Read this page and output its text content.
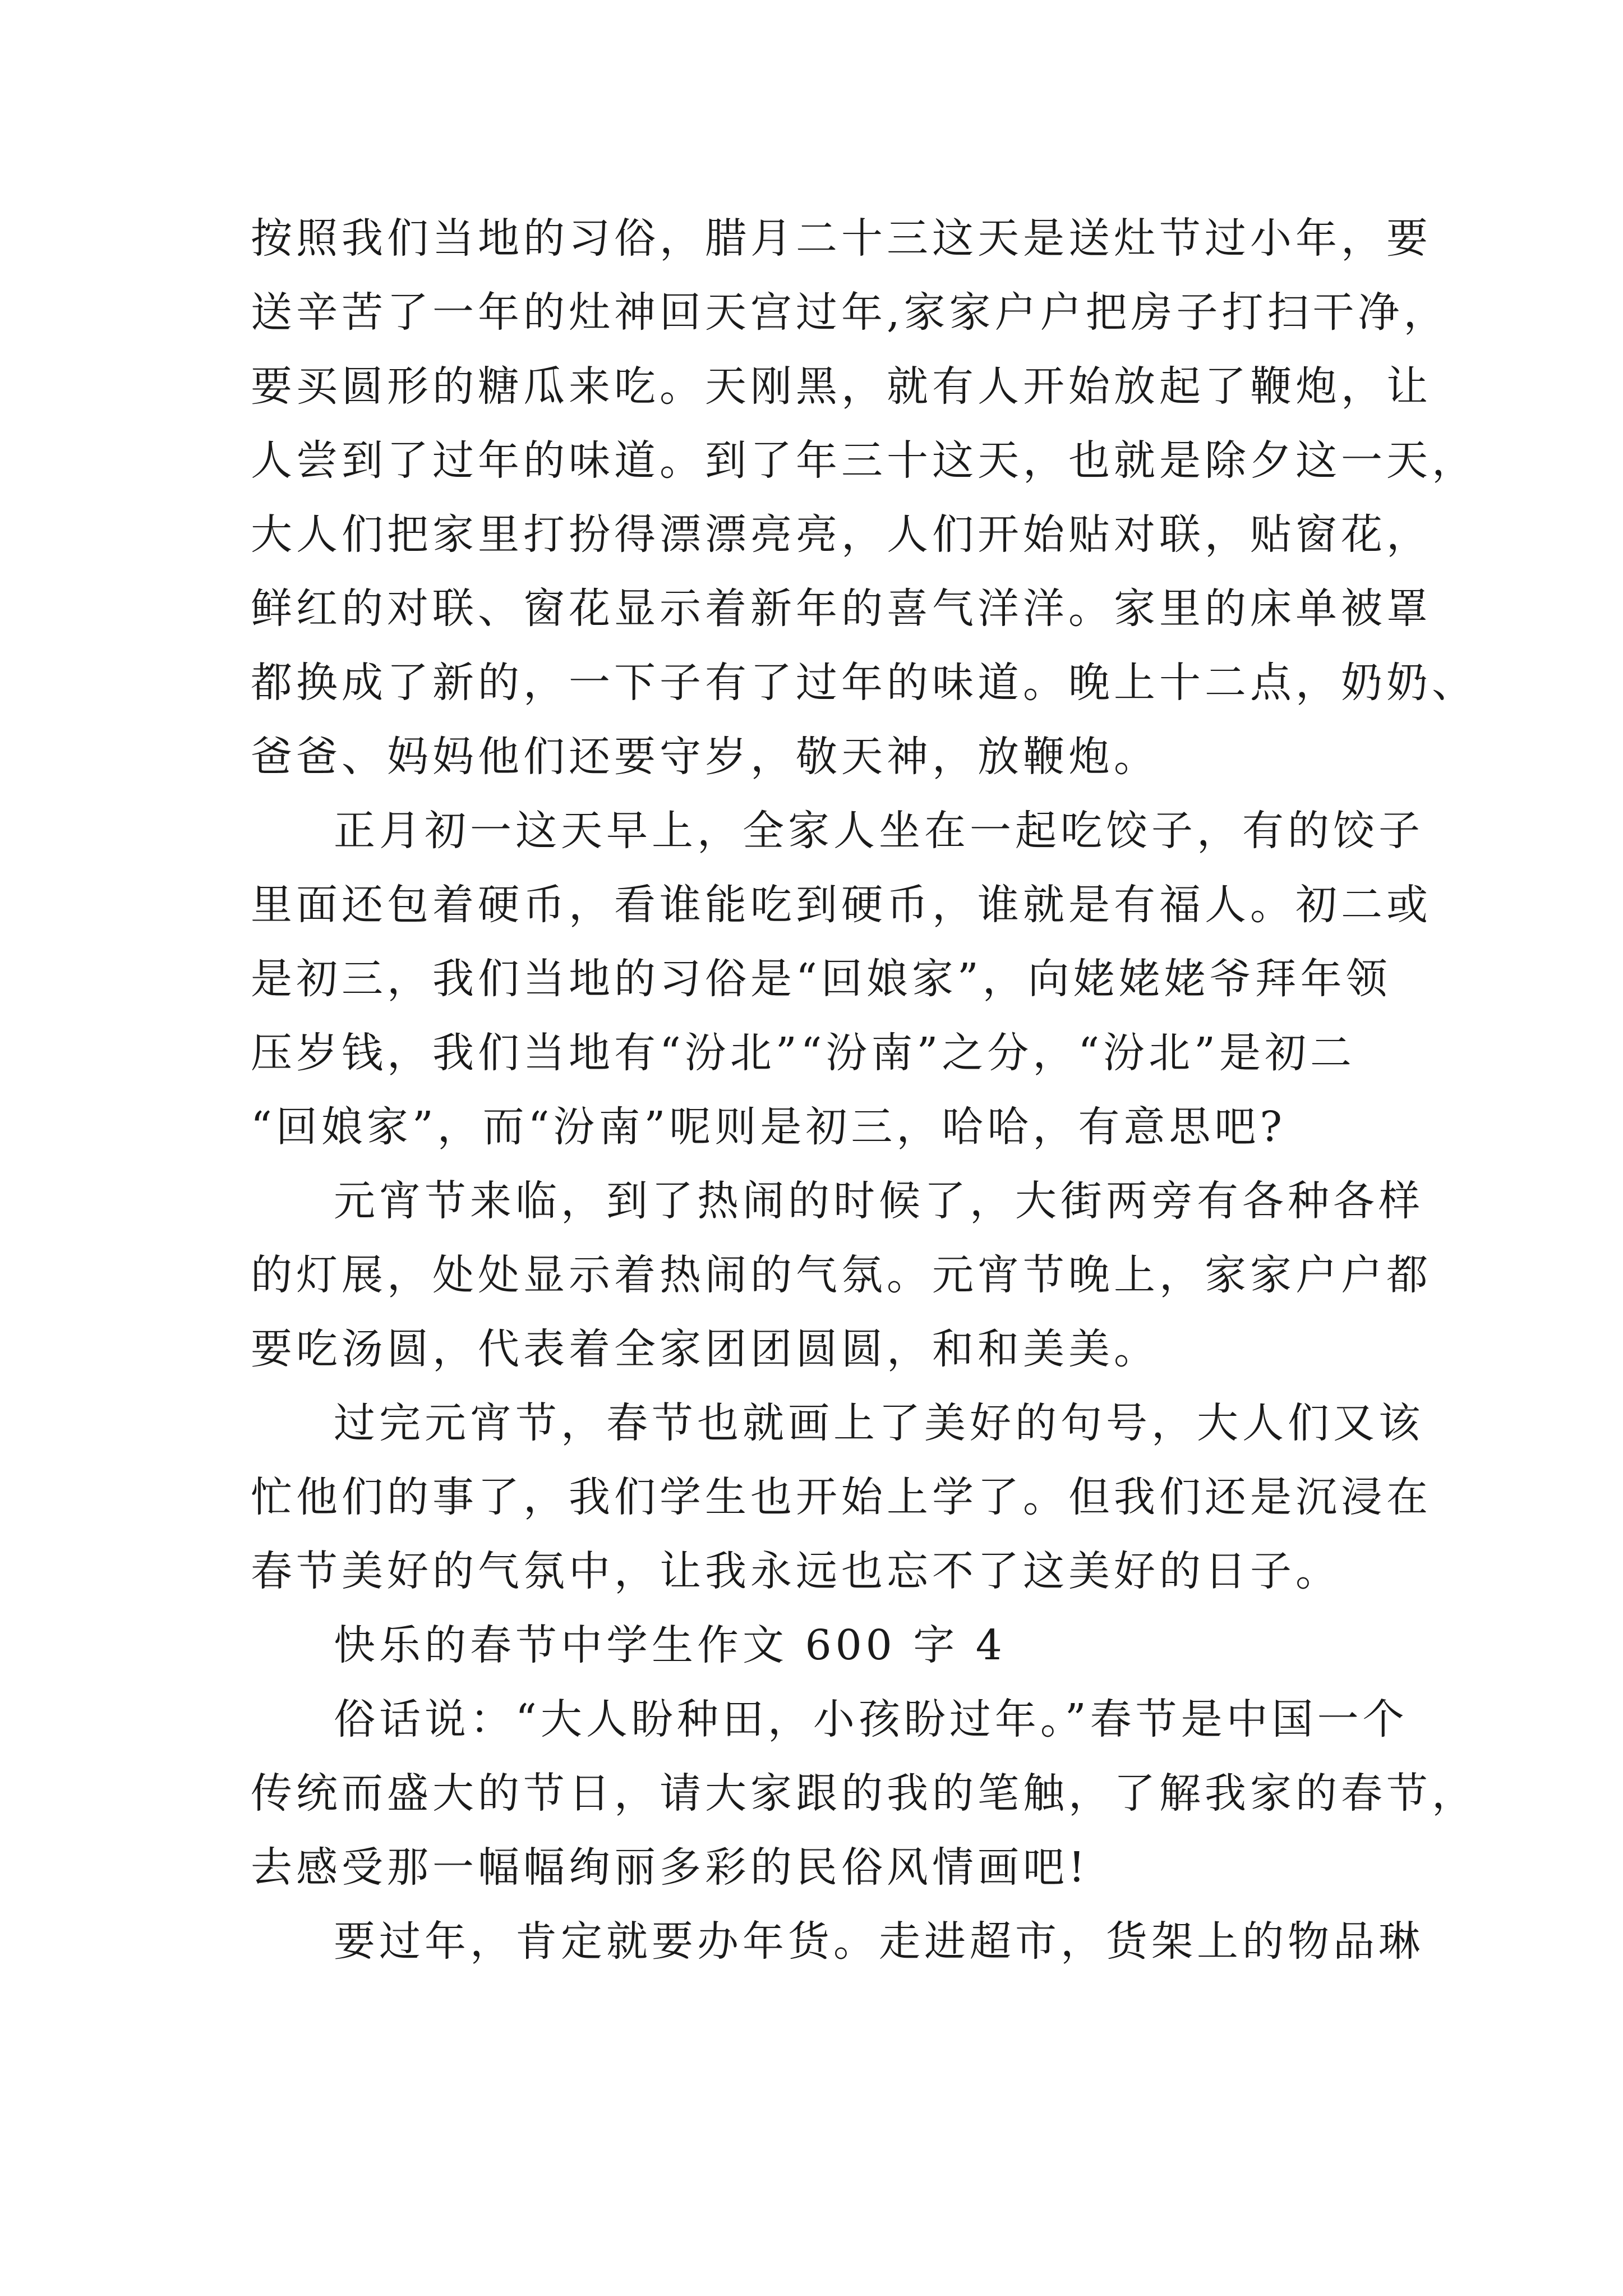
按照我们当地的习俗，腊月二十三这天是送灶节过小年，要
送辛苦了一年的灶神回天宫过年,家家户户把房子打扫干净，
要买圆形的糖瓜来吃。天刚黑，就有人开始放起了鞭炮，让
人尝到了过年的味道。到了年三十这天，也就是除夕这一天，
大人们把家里打扮得漂漂亮亮，人们开始贴对联，贴窗花，
鲜红的对联、窗花显示着新年的喜气洋洋。家里的床单被罩
都换成了新的，一下子有了过年的味道。晚上十二点，奶奶、
爸爸、妈妈他们还要守岁，敬天神，放鞭炮。
正月初一这天早上，全家人坐在一起吃饺子，有的饺子
里面还包着硬币，看谁能吃到硬币，谁就是有福人。初二或
是初三，我们当地的习俗是“回娘家”，向姥姥姥爷拜年领
压岁钱，我们当地有“汾北”“汾南”之分，“汾北”是初二
“回娘家”，而“汾南”呢则是初三，哈哈，有意思吧?
元宵节来临，到了热闹的时候了，大街两旁有各种各样
的灯展，处处显示着热闹的气氛。元宵节晚上，家家户户都
要吃汤圆，代表着全家团团圆圆，和和美美。
过完元宵节，春节也就画上了美好的句号，大人们又该
忙他们的事了，我们学生也开始上学了。但我们还是沉浸在
春节美好的气氛中，让我永远也忘不了这美好的日子。
快乐的春节中学生作文 600 字 4
俗话说：“大人盼种田，小孩盼过年。”春节是中国一个
传统而盛大的节日，请大家跟的我的笔触，了解我家的春节，
去感受那一幅幅绚丽多彩的民俗风情画吧!
要过年，肯定就要办年货。走进超市，货架上的物品琳
